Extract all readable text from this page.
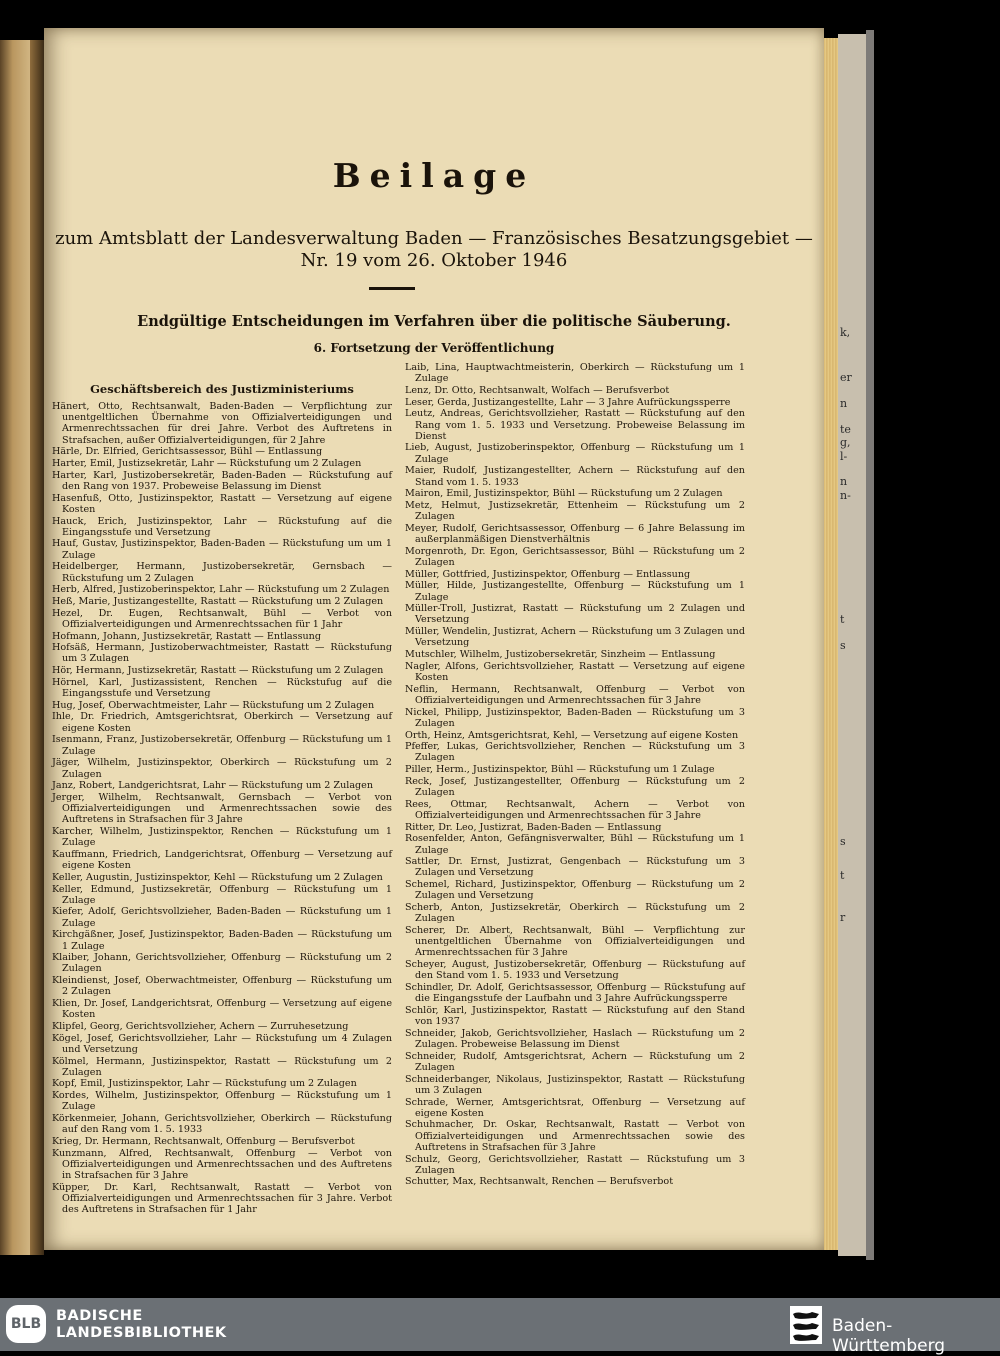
Beilage
zum Amtsblatt der Landesverwaltung Baden — Französisches Besatzungsgebiet —
Nr. 19 vom 26. Oktober 1946
Endgültige Entscheidungen im Verfahren über die politische Säuberung.
6. Fortsetzung der Veröffentlichung
Geschäftsbereich des Justizministeriums
Hänert, Otto, Rechtsanwalt, Baden-Baden — Verpflichtung zur unentgeltlichen Übernahme von Offizialverteidigungen und Armenrechtssachen für drei Jahre. Verbot des Auftretens in Strafsachen, außer Offizialverteidigungen, für 2 Jahre
Härle, Dr. Elfried, Gerichtsassessor, Bühl — Entlassung
Harter, Emil, Justizsekretär, Lahr — Rückstufung um 2 Zulagen
Harter, Karl, Justizobersekretär, Baden-Baden — Rückstufung auf den Rang von 1937. Probeweise Belassung im Dienst
Hasenfuß, Otto, Justizinspektor, Rastatt — Versetzung auf eigene Kosten
Hauck, Erich, Justizinspektor, Lahr — Rückstufung auf die Eingangsstufe und Versetzung
Hauf, Gustav, Justizinspektor, Baden-Baden — Rückstufung um um 1 Zulage
Heidelberger, Hermann, Justizobersekretär, Gernsbach — Rückstufung um 2 Zulagen
Herb, Alfred, Justizoberinspektor, Lahr — Rückstufung um 2 Zulagen
Heß, Marie, Justizangestellte, Rastatt — Rückstufung um 2 Zulagen
Hezel, Dr. Eugen, Rechtsanwalt, Bühl — Verbot von Offizialverteidigungen und Armenrechtssachen für 1 Jahr
Hofmann, Johann, Justizsekretär, Rastatt — Entlassung
Hofsäß, Hermann, Justizoberwachtmeister, Rastatt — Rückstufung um 3 Zulagen
Hör, Hermann, Justizsekretär, Rastatt — Rückstufung um 2 Zulagen
Hörnel, Karl, Justizassistent, Renchen — Rückstufug auf die Eingangsstufe und Versetzung
Hug, Josef, Oberwachtmeister, Lahr — Rückstufung um 2 Zulagen
Ihle, Dr. Friedrich, Amtsgerichtsrat, Oberkirch — Versetzung auf eigene Kosten
Isenmann, Franz, Justizobersekretär, Offenburg — Rückstufung um 1 Zulage
Jäger, Wilhelm, Justizinspektor, Oberkirch — Rückstufung um 2 Zulagen
Janz, Robert, Landgerichtsrat, Lahr — Rückstufung um 2 Zulagen
Jerger, Wilhelm, Rechtsanwalt, Gernsbach — Verbot von Offizialverteidigungen und Armenrechtssachen sowie des Auftretens in Strafsachen für 3 Jahre
Karcher, Wilhelm, Justizinspektor, Renchen — Rückstufung um 1 Zulage
Kauffmann, Friedrich, Landgerichtsrat, Offenburg — Versetzung auf eigene Kosten
Keller, Augustin, Justizinspektor, Kehl — Rückstufung um 2 Zulagen
Keller, Edmund, Justizsekretär, Offenburg — Rückstufung um 1 Zulage
Kiefer, Adolf, Gerichtsvollzieher, Baden-Baden — Rückstufung um 1 Zulage
Kirchgäßner, Josef, Justizinspektor, Baden-Baden — Rückstufung um 1 Zulage
Klaiber, Johann, Gerichtsvollzieher, Offenburg — Rückstufung um 2 Zulagen
Kleindienst, Josef, Oberwachtmeister, Offenburg — Rückstufung um 2 Zulagen
Klien, Dr. Josef, Landgerichtsrat, Offenburg — Versetzung auf eigene Kosten
Klipfel, Georg, Gerichtsvollzieher, Achern — Zurruhesetzung
Kögel, Josef, Gerichtsvollzieher, Lahr — Rückstufung um 4 Zulagen und Versetzung
Kölmel, Hermann, Justizinspektor, Rastatt — Rückstufung um 2 Zulagen
Kopf, Emil, Justizinspektor, Lahr — Rückstufung um 2 Zulagen
Kordes, Wilhelm, Justizinspektor, Offenburg — Rückstufung um 1 Zulage
Körkenmeier, Johann, Gerichtsvollzieher, Oberkirch — Rückstufung auf den Rang vom 1. 5. 1933
Krieg, Dr. Hermann, Rechtsanwalt, Offenburg — Berufsverbot
Kunzmann, Alfred, Rechtsanwalt, Offenburg — Verbot von Offizialverteidigungen und Armenrechtssachen und des Auftretens in Strafsachen für 3 Jahre
Küpper, Dr. Karl, Rechtsanwalt, Rastatt — Verbot von Offizialverteidigungen und Armenrechtssachen für 3 Jahre. Verbot des Auftretens in Strafsachen für 1 Jahr
Laib, Lina, Hauptwachtmeisterin, Oberkirch — Rückstufung um 1 Zulage
Lenz, Dr. Otto, Rechtsanwalt, Wolfach — Berufsverbot
Leser, Gerda, Justizangestellte, Lahr — 3 Jahre Aufrückungssperre
Leutz, Andreas, Gerichtsvollzieher, Rastatt — Rückstufung auf den Rang vom 1. 5. 1933 und Versetzung. Probeweise Belassung im Dienst
Lieb, August, Justizoberinspektor, Offenburg — Rückstufung um 1 Zulage
Maier, Rudolf, Justizangestellter, Achern — Rückstufung auf den Stand vom 1. 5. 1933
Mairon, Emil, Justizinspektor, Bühl — Rückstufung um 2 Zulagen
Metz, Helmut, Justizsekretär, Ettenheim — Rückstufung um 2 Zulagen
Meyer, Rudolf, Gerichtsassessor, Offenburg — 6 Jahre Belassung im außerplanmäßigen Dienstverhältnis
Morgenroth, Dr. Egon, Gerichtsassessor, Bühl — Rückstufung um 2 Zulagen
Müller, Gottfried, Justizinspektor, Offenburg — Entlassung
Müller, Hilde, Justizangestellte, Offenburg — Rückstufung um 1 Zulage
Müller-Troll, Justizrat, Rastatt — Rückstufung um 2 Zulagen und Versetzung
Müller, Wendelin, Justizrat, Achern — Rückstufung um 3 Zulagen und Versetzung
Mutschler, Wilhelm, Justizobersekretär, Sinzheim — Entlassung
Nagler, Alfons, Gerichtsvollzieher, Rastatt — Versetzung auf eigene Kosten
Neflin, Hermann, Rechtsanwalt, Offenburg — Verbot von Offizialverteidigungen und Armenrechtssachen für 3 Jahre
Nickel, Philipp, Justizinspektor, Baden-Baden — Rückstufung um 3 Zulagen
Orth, Heinz, Amtsgerichtsrat, Kehl, — Versetzung auf eigene Kosten
Pfeffer, Lukas, Gerichtsvollzieher, Renchen — Rückstufung um 3 Zulagen
Piller, Herm., Justizinspektor, Bühl — Rückstufung um 1 Zulage
Reck, Josef, Justizangestellter, Offenburg — Rückstufung um 2 Zulagen
Rees, Ottmar, Rechtsanwalt, Achern — Verbot von Offizialverteidigungen und Armenrechtssachen für 3 Jahre
Ritter, Dr. Leo, Justizrat, Baden-Baden — Entlassung
Rosenfelder, Anton, Gefängnisverwalter, Bühl — Rückstufung um 1 Zulage
Sattler, Dr. Ernst, Justizrat, Gengenbach — Rückstufung um 3 Zulagen und Versetzung
Schemel, Richard, Justizinspektor, Offenburg — Rückstufung um 2 Zulagen und Versetzung
Scherb, Anton, Justizsekretär, Oberkirch — Rückstufung um 2 Zulagen
Scherer, Dr. Albert, Rechtsanwalt, Bühl — Verpflichtung zur unentgeltlichen Übernahme von Offizialverteidigungen und Armenrechtssachen für 3 Jahre
Scheyer, August, Justizobersekretär, Offenburg — Rückstufung auf den Stand vom 1. 5. 1933 und Versetzung
Schindler, Dr. Adolf, Gerichtsassessor, Offenburg — Rückstufung auf die Eingangsstufe der Laufbahn und 3 Jahre Aufrückungssperre
Schlör, Karl, Justizinspektor, Rastatt — Rückstufung auf den Stand von 1937
Schneider, Jakob, Gerichtsvollzieher, Haslach — Rückstufung um 2 Zulagen. Probeweise Belassung im Dienst
Schneider, Rudolf, Amtsgerichtsrat, Achern — Rückstufung um 2 Zulagen
Schneiderbanger, Nikolaus, Justizinspektor, Rastatt — Rückstufung um 3 Zulagen
Schrade, Werner, Amtsgerichtsrat, Offenburg — Versetzung auf eigene Kosten
Schuhmacher, Dr. Oskar, Rechtsanwalt, Rastatt — Verbot von Offizialverteidigungen und Armenrechtssachen sowie des Auftretens in Strafsachen für 3 Jahre
Schulz, Georg, Gerichtsvollzieher, Rastatt — Rückstufung um 3 Zulagen
Schutter, Max, Rechtsanwalt, Renchen — Berufsverbot
k,
er
n
te
g,
l-
n
n-
t
s
s
t
r
BLB	BADISCHE
LANDESBIBLIOTHEK	Baden-Württemberg
